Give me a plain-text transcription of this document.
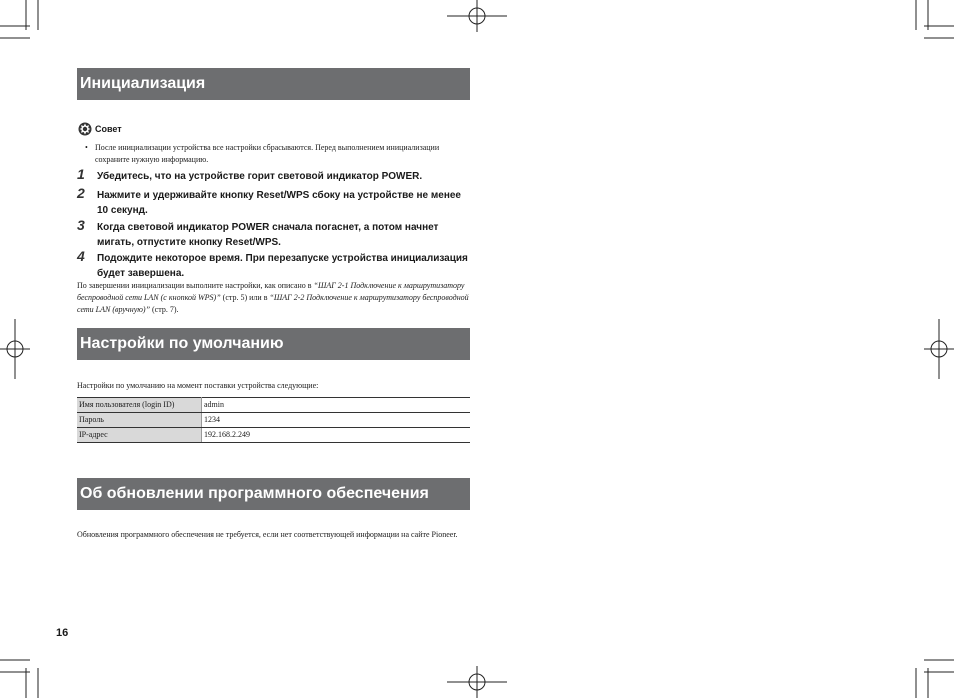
Инициализация
Совет
• После инициализации устройства все настройки сбрасываются. Перед выполнением инициализации сохраните нужную информацию.
1 Убедитесь, что на устройстве горит световой индикатор POWER.
2 Нажмите и удерживайте кнопку Reset/WPS сбоку на устройстве не менее 10 секунд.
3 Когда световой индикатор POWER сначала погаснет, а потом начнет мигать, отпустите кнопку Reset/WPS.
4 Подождите некоторое время. При перезапуске устройства инициализация будет завершена.
По завершении инициализации выполните настройки, как описано в “ШАГ 2-1 Подключение к маршрутизатору беспроводной сети LAN (с кнопкой WPS)” (стр. 5) или в “ШАГ 2-2 Подключение к маршрутизатору беспроводной сети LAN (вручную)” (стр. 7).
Настройки по умолчанию
Настройки по умолчанию на момент поставки устройства следующие:
Имя пользователя (login ID)	admin
Пароль	1234
IP-адрес	192.168.2.249
Об обновлении программного обеспечения
Обновления программного обеспечения не требуется, если нет соответствующей информации на сайте Pioneer.
16
